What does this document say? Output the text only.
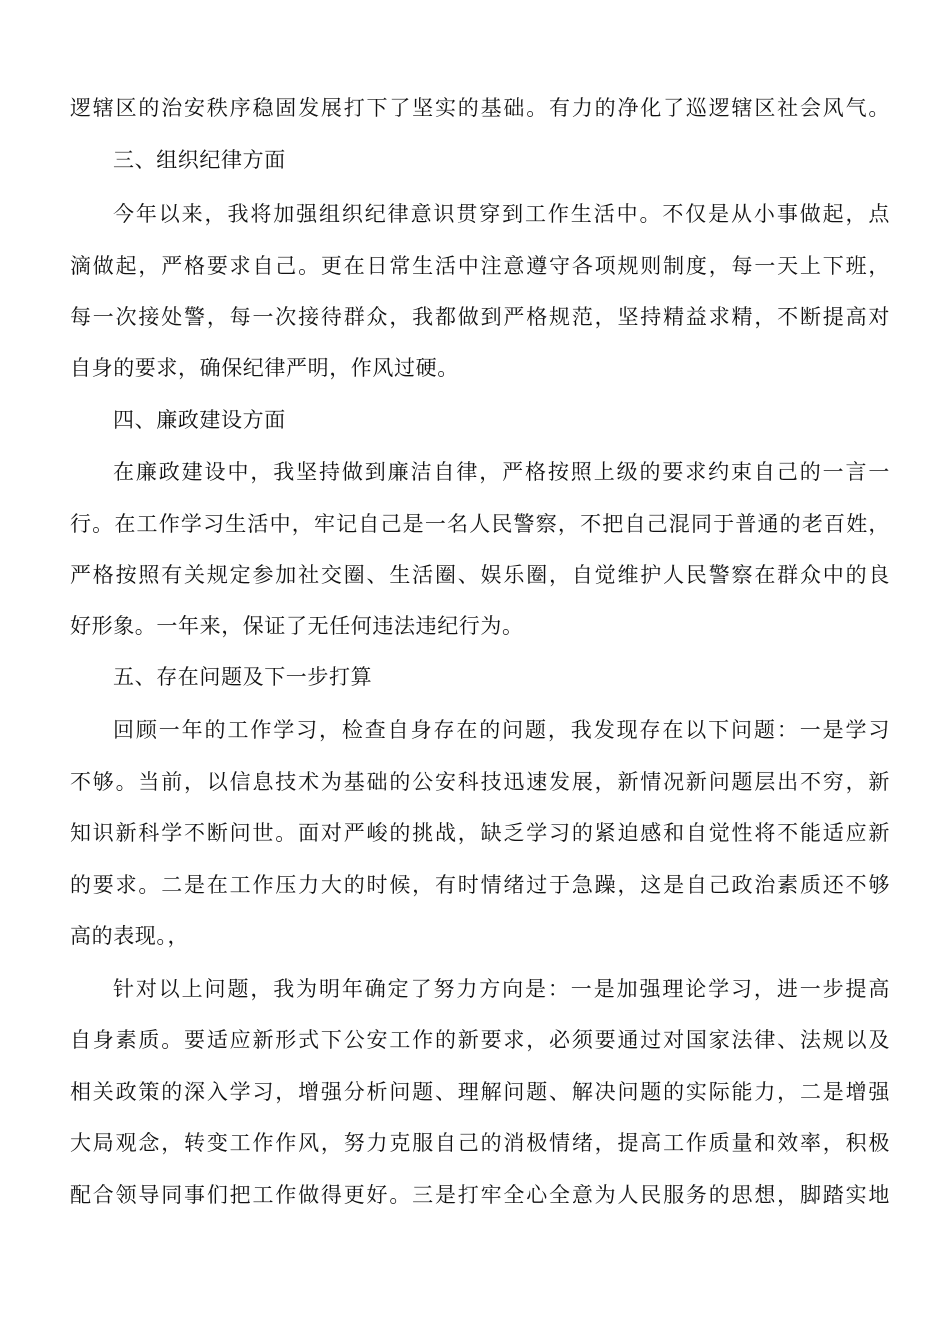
逻辖区的治安秩序稳固发展打下了坚实的基础。有力的净化了巡逻辖区社会风气。
三、组织纪律方面
今年以来，我将加强组织纪律意识贯穿到工作生活中。不仅是从小事做起，点
滴做起，严格要求自己。更在日常生活中注意遵守各项规则制度，每一天上下班，
每一次接处警，每一次接待群众，我都做到严格规范，坚持精益求精，不断提高对
自身的要求，确保纪律严明，作风过硬。
四、廉政建设方面
在廉政建设中，我坚持做到廉洁自律，严格按照上级的要求约束自己的一言一
行。在工作学习生活中，牢记自己是一名人民警察，不把自己混同于普通的老百姓，
严格按照有关规定参加社交圈、生活圈、娱乐圈，自觉维护人民警察在群众中的良
好形象。一年来，保证了无任何违法违纪行为。
五、存在问题及下一步打算
回顾一年的工作学习，检查自身存在的问题，我发现存在以下问题：一是学习
不够。当前，以信息技术为基础的公安科技迅速发展，新情况新问题层出不穷，新
知识新科学不断问世。面对严峻的挑战，缺乏学习的紧迫感和自觉性将不能适应新
的要求。二是在工作压力大的时候，有时情绪过于急躁，这是自己政治素质还不够
高的表现。，
针对以上问题，我为明年确定了努力方向是：一是加强理论学习，进一步提高
自身素质。要适应新形式下公安工作的新要求，必须要通过对国家法律、法规以及
相关政策的深入学习，增强分析问题、理解问题、解决问题的实际能力，二是增强
大局观念，转变工作作风，努力克服自己的消极情绪，提高工作质量和效率，积极
配合领导同事们把工作做得更好。三是打牢全心全意为人民服务的思想，脚踏实地
